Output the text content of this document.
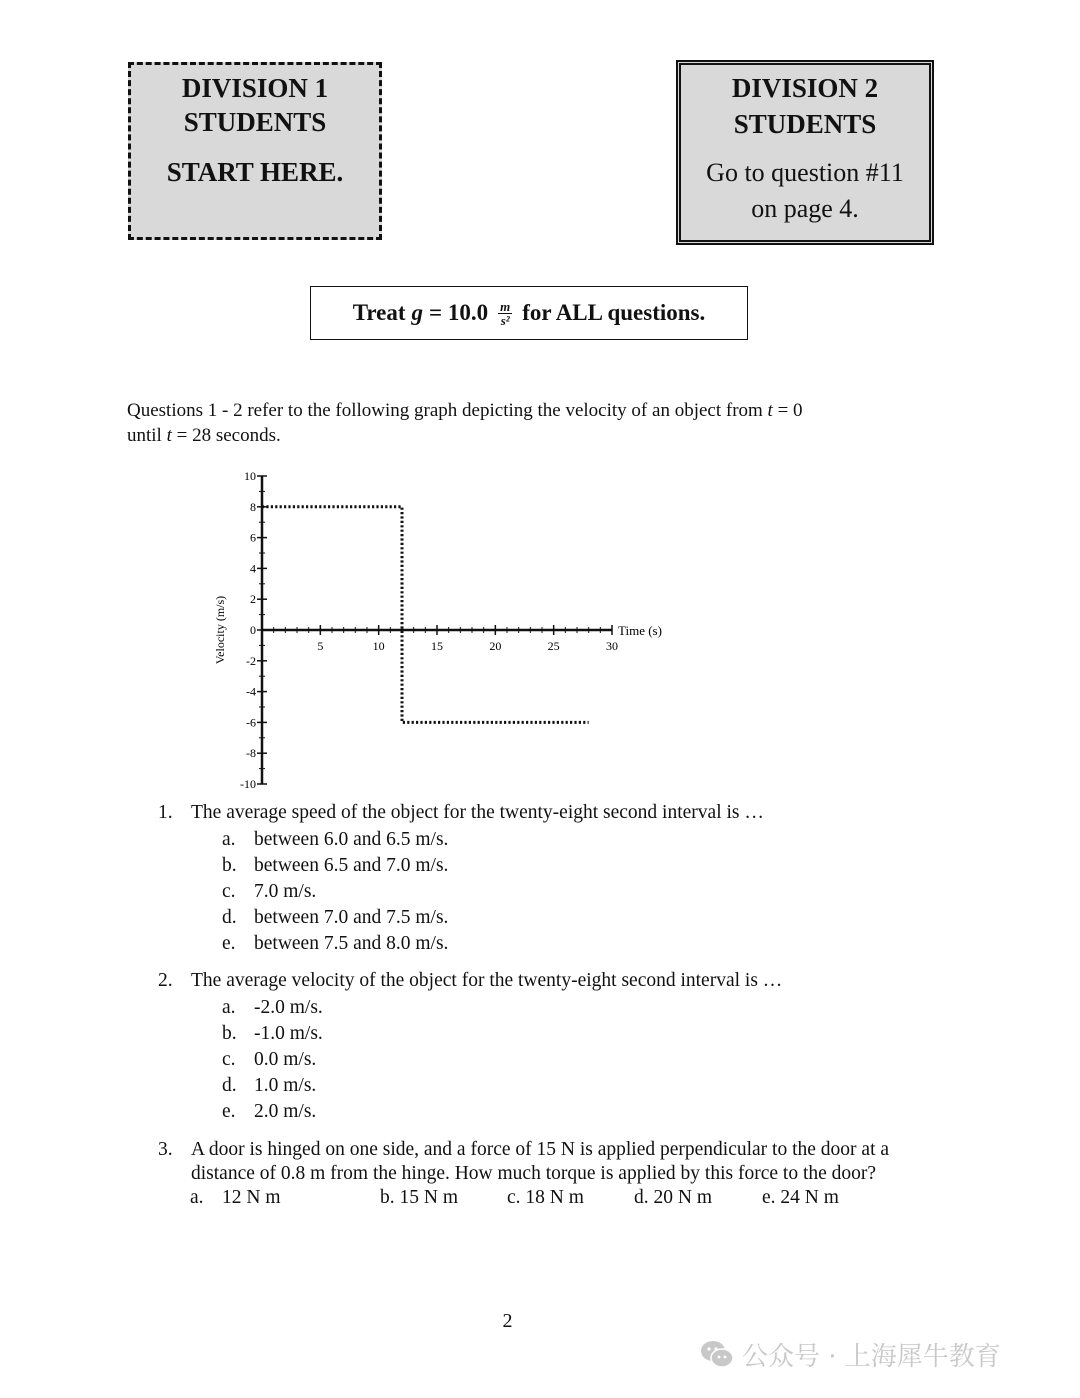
DIVISION 1
STUDENTS
START HERE.
DIVISION 2
STUDENTS
Go to question #11
on page 4.
Treat $g = 10.0 \frac{m}{\text{s²}}$ for ALL questions.
Questions 1 - 2 refer to the following graph depicting the velocity of an object from t = 0
until t = 28 seconds.
10
8
6
4
2
0
-2
-4
-6
-8
-10
5	10	15	20	25	30
Time (s)
Velocity (m/s)
1. The average speed of the object for the twenty-eight second interval is …
a. between 6.0 and 6.5 m/s.
b. between 6.5 and 7.0 m/s.
c. 7.0 m/s.
d. between 7.0 and 7.5 m/s.
e. between 7.5 and 8.0 m/s.
2. The average velocity of the object for the twenty-eight second interval is …
a. -2.0 m/s.
b. -1.0 m/s.
c. 0.0 m/s.
d. 1.0 m/s.
e. 2.0 m/s.
3. A door is hinged on one side, and a force of 15 N is applied perpendicular to the door at a
distance of 0.8 m from the hinge. How much torque is applied by this force to the door?
a. 12 N m	b. 15 N m	c. 18 N m	d. 20 N m	e. 24 N m
2
公众号 · 上海犀牛教育
